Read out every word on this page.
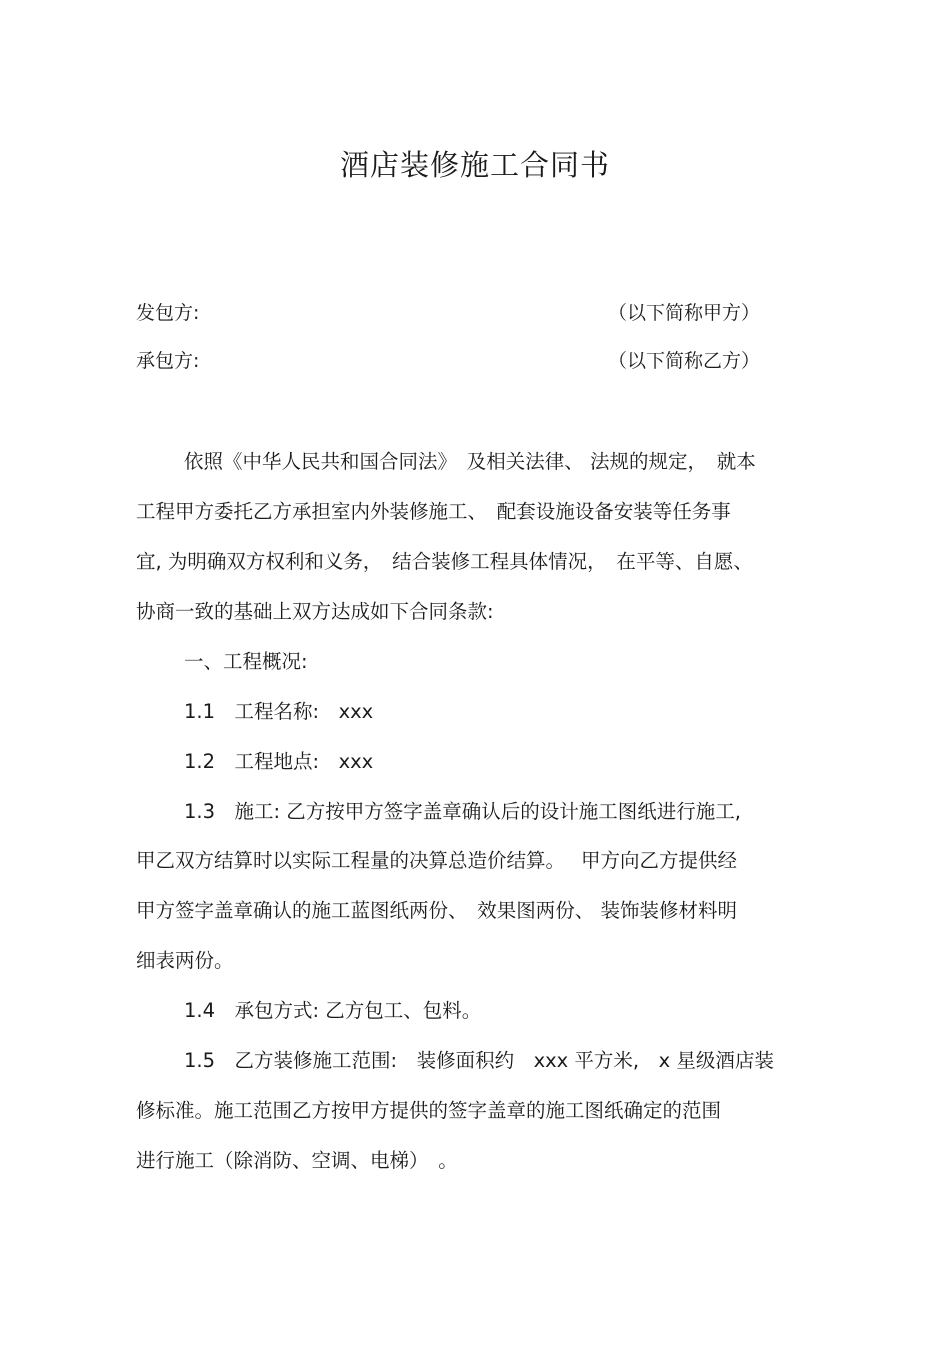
酒店装修施工合同书
发包方:	（以下简称甲方）
承包方:	（以下简称乙方）
依照《中华人民共和国合同法》　及相关法律、 法规的规定，　就本
工程甲方委托乙方承担室内外装修施工、　配套设施设备安装等任务事
宜, 为明确双方权利和义务，　结合装修工程具体情况，　在平等、自愿、
协商一致的基础上双方达成如下合同条款:
一、工程概况:
1.1　工程名称:　xxx
1.2　工程地点:　xxx
1.3　施工: 乙方按甲方签字盖章确认后的设计施工图纸进行施工,
甲乙双方结算时以实际工程量的决算总造价结算。　 甲方向乙方提供经
甲方签字盖章确认的施工蓝图纸两份、　效果图两份、 装饰装修材料明
细表两份。
1.4　承包方式: 乙方包工、包料。
1.5　乙方装修施工范围:　装修面积约　xxx 平方米,　x 星级酒店装
修标准。施工范围乙方按甲方提供的签字盖章的施工图纸确定的范围
进行施工（除消防、空调、电梯）　。
